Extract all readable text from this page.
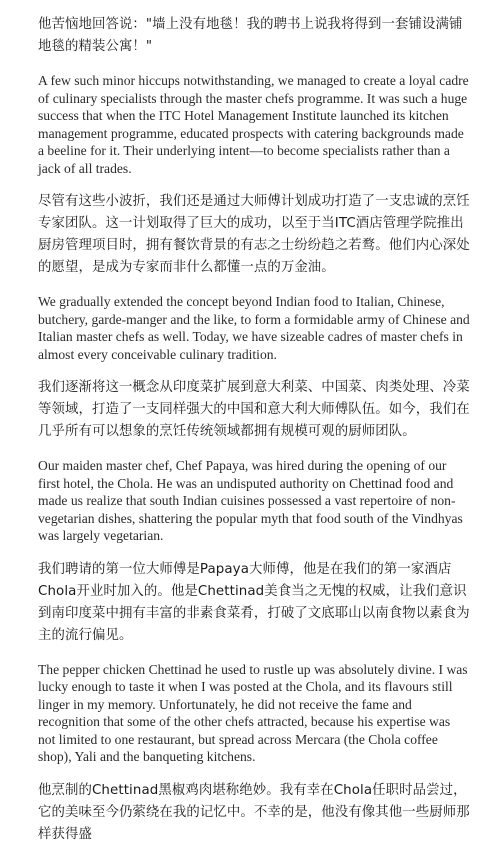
他苦恼地回答说："墙上没有地毯！我的聘书上说我将得到一套铺设满铺地毯的精装公寓！"

A few such minor hiccups notwithstanding, we managed to create a loyal cadre of culinary specialists through the master chefs programme. It was such a huge success that when the ITC Hotel Management Institute launched its kitchen management programme, educated prospects with catering backgrounds made a beeline for it. Their underlying intent—to become specialists rather than a jack of all trades.

尽管有这些小波折，我们还是通过大师傅计划成功打造了一支忠诚的烹饪专家团队。这一计划取得了巨大的成功，以至于当ITC酒店管理学院推出厨房管理项目时，拥有餐饮背景的有志之士纷纷趋之若鹜。他们内心深处的愿望，是成为专家而非什么都懂一点的万金油。

We gradually extended the concept beyond Indian food to Italian, Chinese, butchery, garde-manger and the like, to form a formidable army of Chinese and Italian master chefs as well. Today, we have sizeable cadres of master chefs in almost every conceivable culinary tradition.

我们逐渐将这一概念从印度菜扩展到意大利菜、中国菜、肉类处理、冷菜等领域，打造了一支同样强大的中国和意大利大师傅队伍。如今，我们在几乎所有可以想象的烹饪传统领域都拥有规模可观的厨师团队。

Our maiden master chef, Chef Papaya, was hired during the opening of our first hotel, the Chola. He was an undisputed authority on Chettinad food and made us realize that south Indian cuisines possessed a vast repertoire of non-vegetarian dishes, shattering the popular myth that food south of the Vindhyas was largely vegetarian.

我们聘请的第一位大师傅是Papaya大师傅，他是在我们的第一家酒店Chola开业时加入的。他是Chettinad美食当之无愧的权威，让我们意识到南印度菜中拥有丰富的非素食菜肴，打破了文底耶山以南食物以素食为主的流行偏见。

The pepper chicken Chettinad he used to rustle up was absolutely divine. I was lucky enough to taste it when I was posted at the Chola, and its flavours still linger in my memory. Unfortunately, he did not receive the fame and recognition that some of the other chefs attracted, because his expertise was not limited to one restaurant, but spread across Mercara (the Chola coffee shop), Yali and the banqueting kitchens.

他烹制的Chettinad黑椒鸡肉堪称绝妙。我有幸在Chola任职时品尝过，它的美味至今仍萦绕在我的记忆中。不幸的是，他没有像其他一些厨师那样获得盛
